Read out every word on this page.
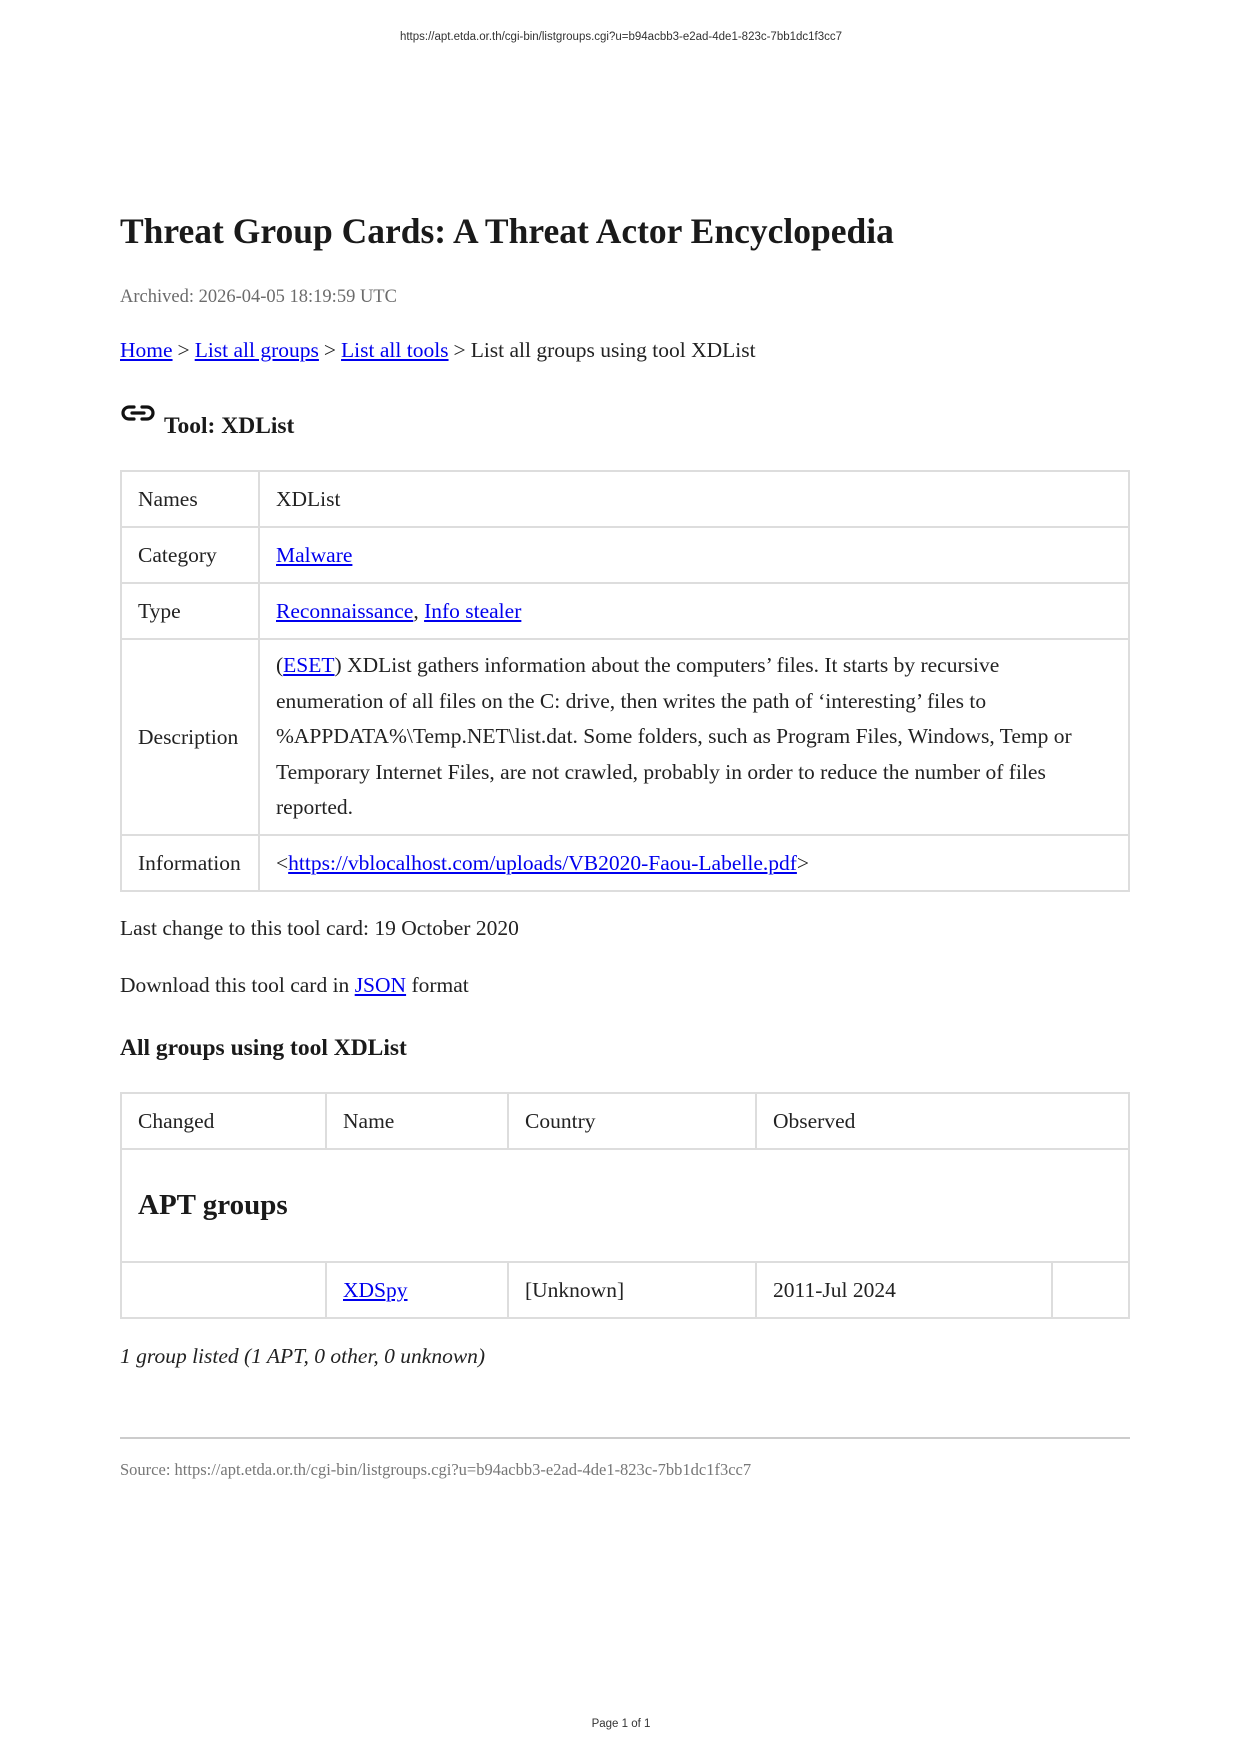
https://apt.etda.or.th/cgi-bin/listgroups.cgi?u=b94acbb3-e2ad-4de1-823c-7bb1dc1f3cc7
Threat Group Cards: A Threat Actor Encyclopedia
Archived: 2026-04-05 18:19:59 UTC
Home > List all groups > List all tools > List all groups using tool XDList
Tool: XDList
Names	XDList
Category	Malware
Type	Reconnaissance, Info stealer
Description	(ESET) XDList gathers information about the computers’ files. It starts by recursive enumeration of all files on the C: drive, then writes the path of ‘interesting’ files to %APPDATA%\Temp.NET\list.dat. Some folders, such as Program Files, Windows, Temp or Temporary Internet Files, are not crawled, probably in order to reduce the number of files reported.
Information	<https://vblocalhost.com/uploads/VB2020-Faou-Labelle.pdf>
Last change to this tool card: 19 October 2020
Download this tool card in JSON format
All groups using tool XDList
Changed	Name	Country	Observed	
APT groups				
	XDSpy	[Unknown]	2011-Jul 2024	
1 group listed (1 APT, 0 other, 0 unknown)
Source: https://apt.etda.or.th/cgi-bin/listgroups.cgi?u=b94acbb3-e2ad-4de1-823c-7bb1dc1f3cc7
Page 1 of 1
